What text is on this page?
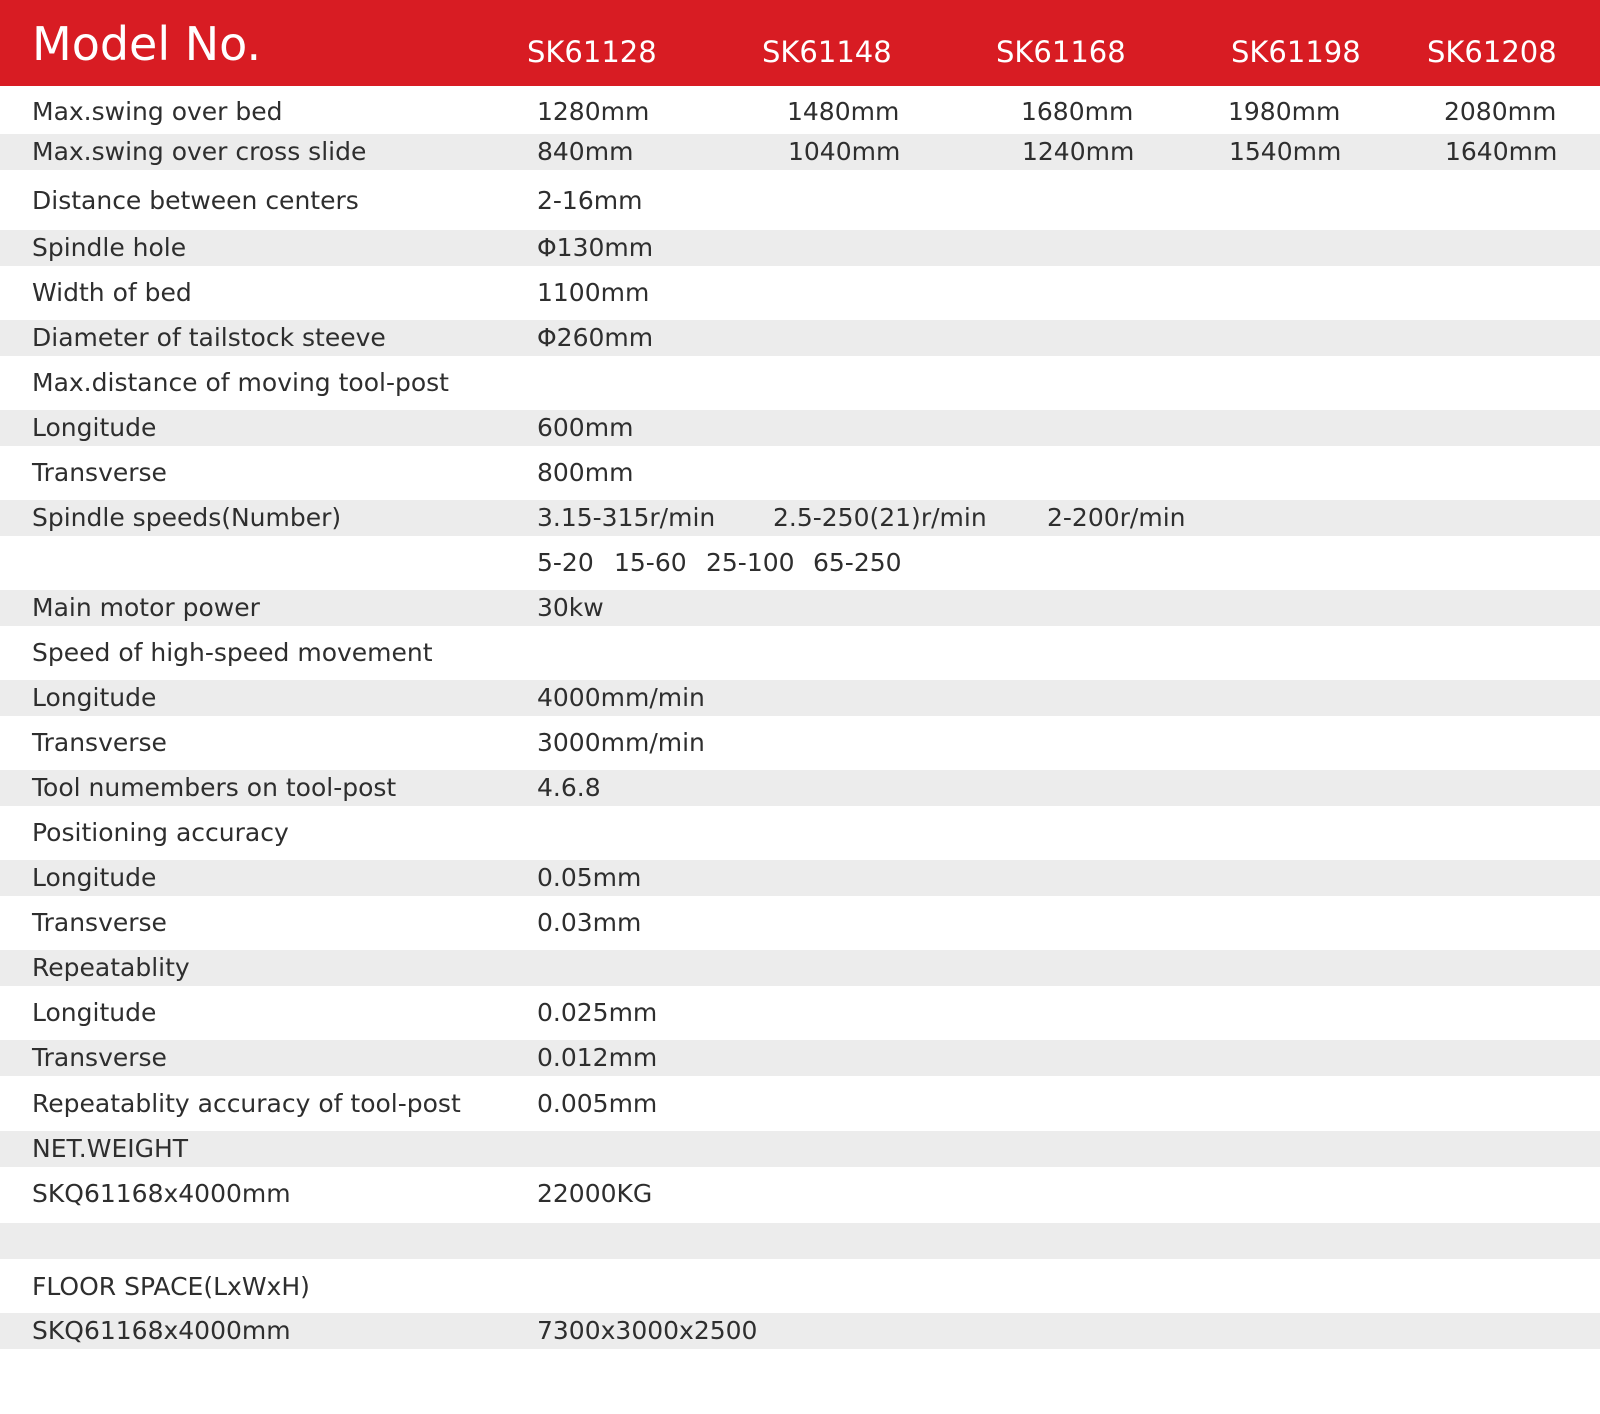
Model No.	SK61128	SK61148	SK61168	SK61198 SK61208
Max.swing over bed	1280mm	1480mm	1680mm	1980mm	2080mm
Max.swing over cross slide	840mm	1040mm	1240mm	1540mm	1640mm
Distance between centers	2-16mm
Spindle hole	Φ130mm
Width of bed	1100mm
Diameter of tailstock steeve	Φ260mm
Max.distance of moving tool-post
Longitude	600mm
Transverse	800mm
Spindle speeds(Number)	3.15-315r/min 2.5-250(21)r/min 2-200r/min
5-20 15-60 25-100 65-250
Main motor power	30kw
Speed of high-speed movement
Longitude	4000mm/min
Transverse	3000mm/min
Tool numembers on tool-post	4.6.8
Positioning accuracy
Longitude	0.05mm
Transverse	0.03mm
Repeatablity
Longitude	0.025mm
Transverse	0.012mm
Repeatablity accuracy of tool-post	0.005mm
NET.WEIGHT
SKQ61168x4000mm	22000KG
FLOOR SPACE(LxWxH)
SKQ61168x4000mm	7300x3000x2500
